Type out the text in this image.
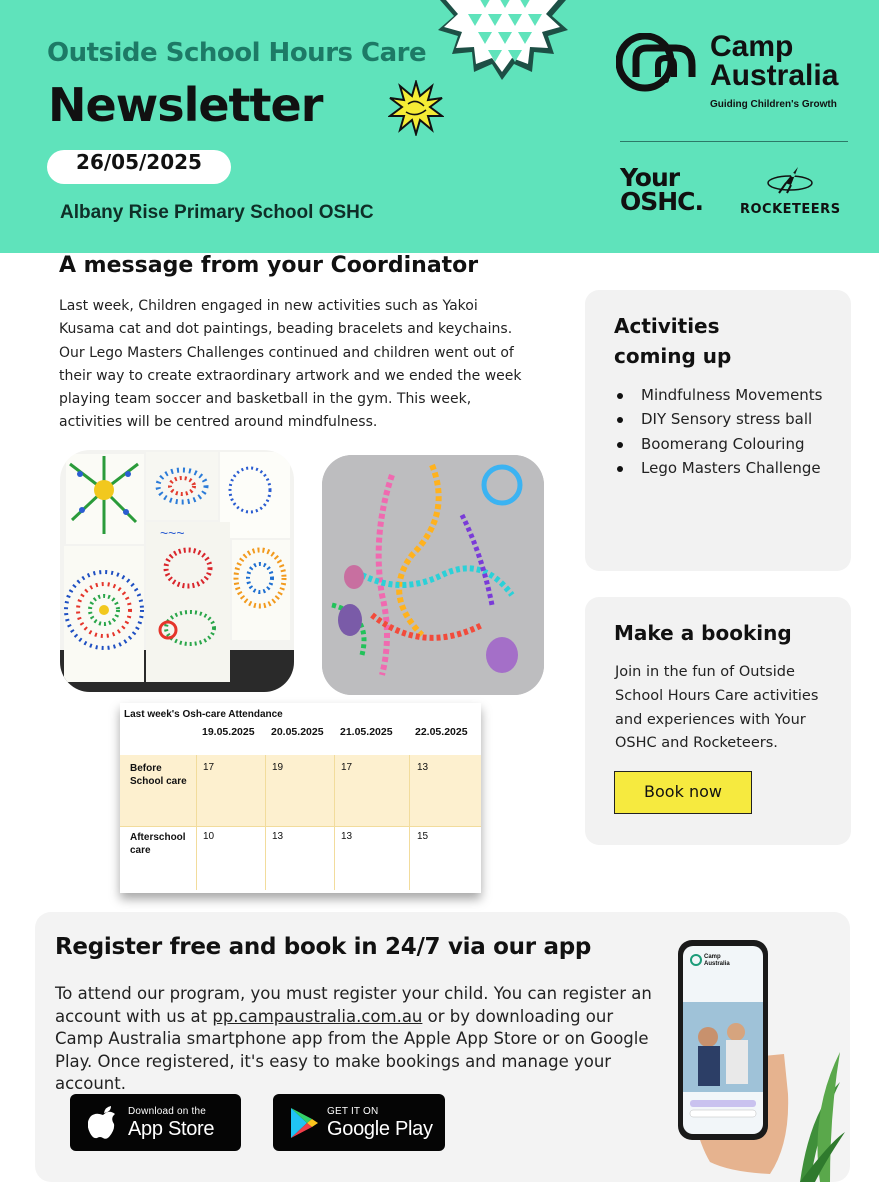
Outside School Hours Care
Newsletter
26/05/2025
Albany Rise Primary School OSHC
Camp
Australia
Guiding Children's Growth
Your
OSHC.	ROCKETEERS
A message from your Coordinator
Last week, Children engaged in new activities such as Yakoi Kusama cat and dot paintings, beading bracelets and keychains. Our Lego Masters Challenges continued and children went out of their way to create extraordinary artwork and we ended the week playing team soccer and basketball in the gym. This week, activities will be centred around mindfulness.
~~~
Last week's Osh-care Attendance
19.05.2025 20.05.2025 21.05.2025 22.05.2025
Before
School care
17	19	17	13
Afterschool
care
10	13	13	15
Activities
coming up
Mindfulness Movements
DIY Sensory stress ball
Boomerang Colouring
Lego Masters Challenge
Make a booking
Join in the fun of Outside School Hours Care activities and experiences with Your OSHC and Rocketeers.
Book now
Register free and book in 24/7 via our app
To attend our program, you must register your child. You can register an account with us at pp.campaustralia.com.au or by downloading our Camp Australia smartphone app from the Apple App Store or on Google Play. Once registered, it's easy to make bookings and manage your account.
Download on the
App Store
GET IT ON
Google Play
Camp
Australia
